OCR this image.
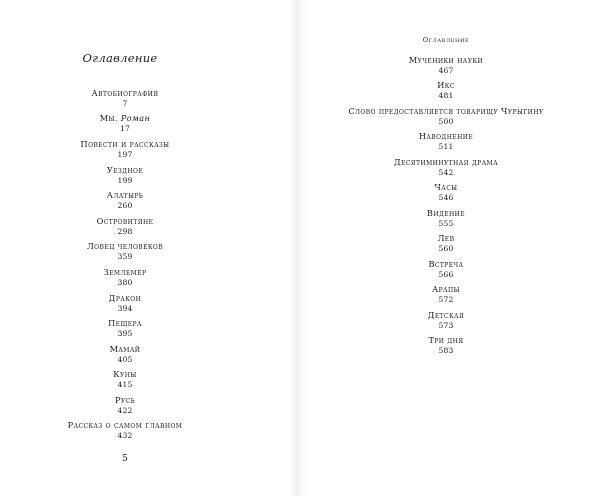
Оглавление
Автобиография
7
Мы. Роман
17
Повести и рассказы
197
Уездное
199
Алатырь
260
Островитяне
298
Ловец человеков
359
Землемер
380
Дракон
394
Пещера
395
Мамай
405
Куны
415
Русь
422
Рассказ о самом главном
432
5
Оглавление
Мученики науки
467
Икс
481
Слово предоставляется товарищу Чурыгину
500
Наводнение
511
Десятиминутная драма
542
Часы
546
Видение
555
Лев
560
Встреча
566
Арапы
572
Детская
573
Три дня
583
